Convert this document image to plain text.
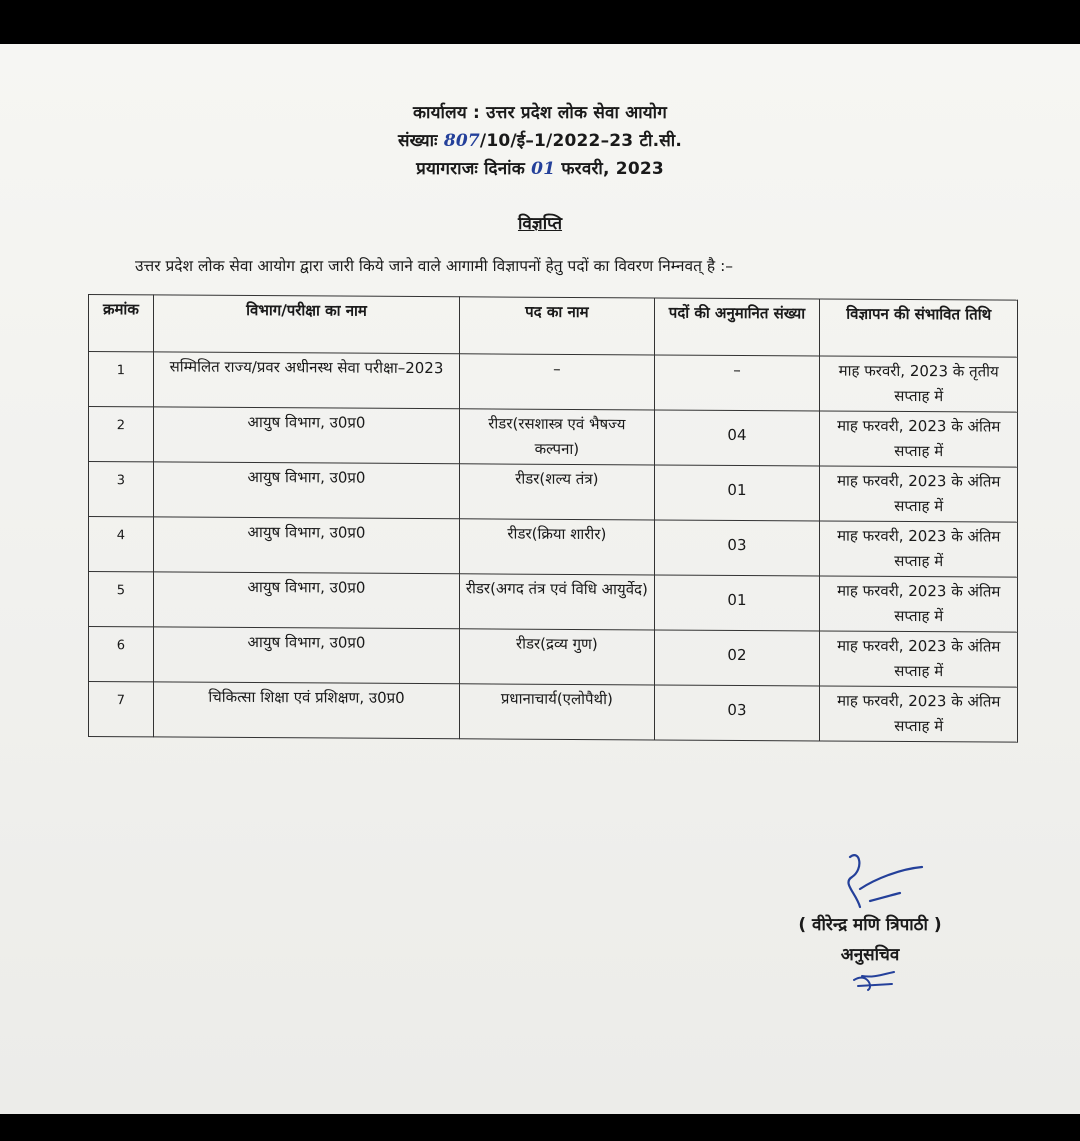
कार्यालय : उत्तर प्रदेश लोक सेवा आयोग
संख्याः 807/10/ई–1/2022–23 टी.सी.
प्रयागराजः दिनांक 01 फरवरी, 2023
विज्ञप्ति
उत्तर प्रदेश लोक सेवा आयोग द्वारा जारी किये जाने वाले आगामी विज्ञापनों हेतु पदों का विवरण निम्नवत् है :–
क्रमांक	विभाग/परीक्षा का नाम	पद का नाम	पदों की अनुमानित संख्या	विज्ञापन की संभावित तिथि
1	सम्मिलित राज्य/प्रवर अधीनस्थ सेवा परीक्षा–2023	–	–	माह फरवरी, 2023 के तृतीय सप्ताह में
2	आयुष विभाग, उ0प्र0	रीडर(रसशास्त्र एवं भैषज्य कल्पना)	04	माह फरवरी, 2023 के अंतिम सप्ताह में
3	आयुष विभाग, उ0प्र0	रीडर(शल्य तंत्र)	01	माह फरवरी, 2023 के अंतिम सप्ताह में
4	आयुष विभाग, उ0प्र0	रीडर(क्रिया शारीर)	03	माह फरवरी, 2023 के अंतिम सप्ताह में
5	आयुष विभाग, उ0प्र0	रीडर(अगद तंत्र एवं विधि आयुर्वेद)	01	माह फरवरी, 2023 के अंतिम सप्ताह में
6	आयुष विभाग, उ0प्र0	रीडर(द्रव्य गुण)	02	माह फरवरी, 2023 के अंतिम सप्ताह में
7	चिकित्सा शिक्षा एवं प्रशिक्षण, उ0प्र0	प्रधानाचार्य(एलोपैथी)	03	माह फरवरी, 2023 के अंतिम सप्ताह में
( वीरेन्द्र मणि त्रिपाठी )
अनुसचिव
